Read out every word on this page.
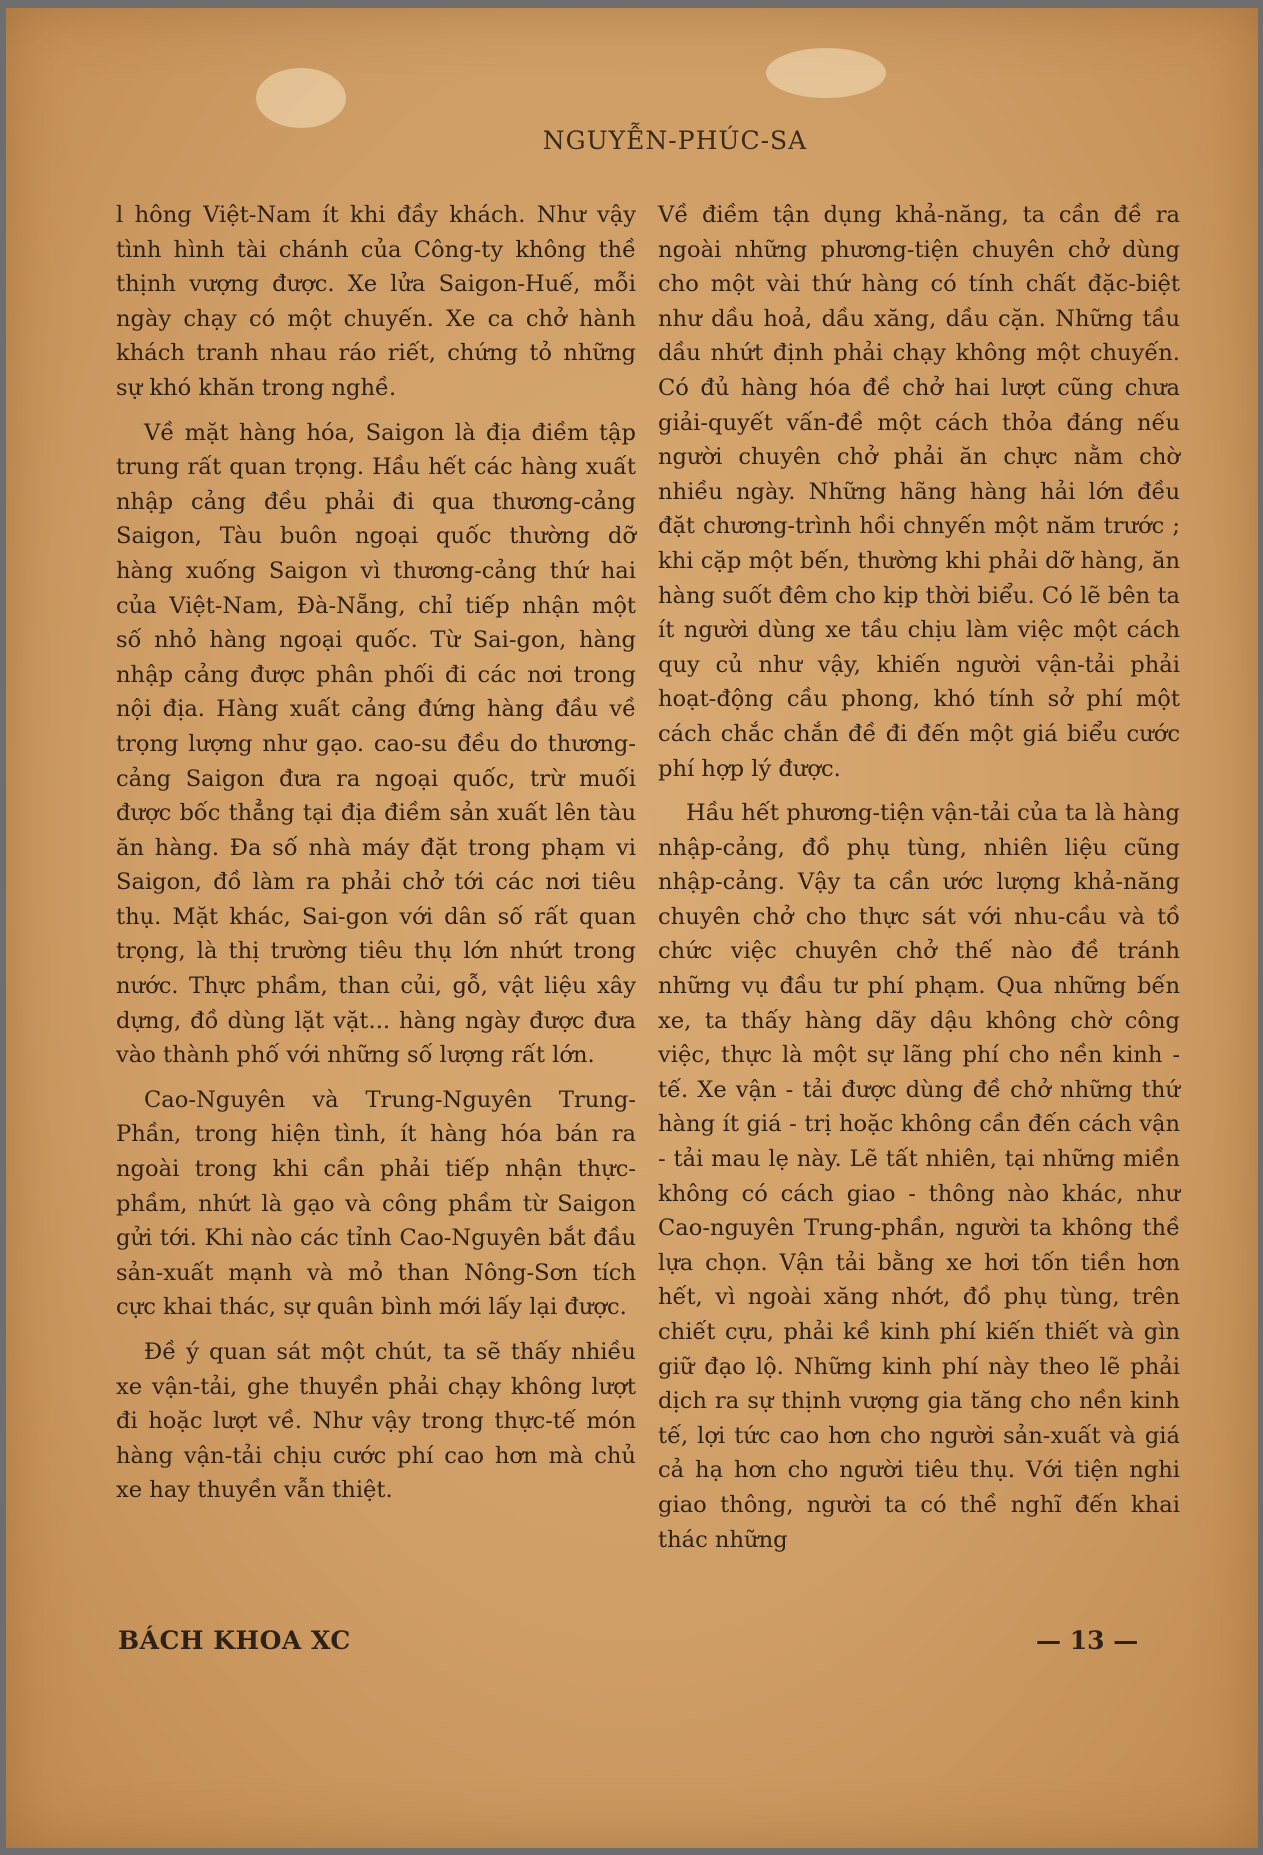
NGUYỄN-PHÚC-SA

l hông Việt-Nam ít khi đầy khách. Như vậy tình hình tài chánh của Công-ty không thề thịnh vượng được. Xe lửa Saigon-Huế, mỗi ngày chạy có một chuyến. Xe ca chở hành khách tranh nhau ráo riết, chứng tỏ những sự khó khăn trong nghề.

Về mặt hàng hóa, Saigon là địa điềm tập trung rất quan trọng. Hầu hết các hàng xuất nhập cảng đều phải đi qua thương-cảng Saigon, Tàu buôn ngoại quốc thường dỡ hàng xuống Saigon vì thương-cảng thứ hai của Việt-Nam, Đà-Nẵng, chỉ tiếp nhận một số nhỏ hàng ngoại quốc. Từ Sai-gon, hàng nhập cảng được phân phối đi các nơi trong nội địa. Hàng xuất cảng đứng hàng đầu về trọng lượng như gạo. cao-su đều do thương-cảng Saigon đưa ra ngoại quốc, trừ muối được bốc thẳng tại địa điềm sản xuất lên tàu ăn hàng. Đa số nhà máy đặt trong phạm vi Saigon, đồ làm ra phải chở tới các nơi tiêu thụ. Mặt khác, Sai-gon với dân số rất quan trọng, là thị trường tiêu thụ lớn nhứt trong nước. Thực phầm, than củi, gỗ, vật liệu xây dựng, đồ dùng lặt vặt... hàng ngày được đưa vào thành phố với những số lượng rất lớn.

Cao-Nguyên và Trung-Nguyên Trung-Phần, trong hiện tình, ít hàng hóa bán ra ngoài trong khi cần phải tiếp nhận thực-phầm, nhứt là gạo và công phầm từ Saigon gửi tới. Khi nào các tỉnh Cao-Nguyên bắt đầu sản-xuất mạnh và mỏ than Nông-Sơn tích cực khai thác, sự quân bình mới lấy lại được.

Đề ý quan sát một chút, ta sẽ thấy nhiều xe vận-tải, ghe thuyền phải chạy không lượt đi hoặc lượt về. Như vậy trong thực-tế món hàng vận-tải chịu cước phí cao hơn mà chủ xe hay thuyền vẫn thiệt.

Về điềm tận dụng khả-năng, ta cần đề ra ngoài những phương-tiện chuyên chở dùng cho một vài thứ hàng có tính chất đặc-biệt như dầu hoả, dầu xăng, dầu cặn. Những tầu dầu nhứt định phải chạy không một chuyến. Có đủ hàng hóa đề chở hai lượt cũng chưa giải-quyết vấn-đề một cách thỏa đáng nếu người chuyên chở phải ăn chực nằm chờ nhiều ngày. Những hãng hàng hải lớn đều đặt chương-trình hồi chnyến một năm trước ; khi cặp một bến, thường khi phải dỡ hàng, ăn hàng suốt đêm cho kịp thời biểu. Có lẽ bên ta ít người dùng xe tầu chịu làm việc một cách quy củ như vậy, khiến người vận-tải phải hoạt-động cầu phong, khó tính sở phí một cách chắc chắn đề đi đến một giá biểu cước phí hợp lý được.

Hầu hết phương-tiện vận-tải của ta là hàng nhập-cảng, đồ phụ tùng, nhiên liệu cũng nhập-cảng. Vậy ta cần ước lượng khả-năng chuyên chở cho thực sát với nhu-cầu và tồ chức việc chuyên chở thế nào đề tránh những vụ đầu tư phí phạm. Qua những bến xe, ta thấy hàng dãy dậu không chờ công việc, thực là một sự lãng phí cho nền kinh - tế. Xe vận - tải được dùng đề chở những thứ hàng ít giá - trị hoặc không cần đến cách vận - tải mau lẹ này. Lẽ tất nhiên, tại những miền không có cách giao - thông nào khác, như Cao-nguyên Trung-phần, người ta không thề lựa chọn. Vận tải bằng xe hơi tốn tiền hơn hết, vì ngoài xăng nhớt, đồ phụ tùng, trên chiết cựu, phải kề kinh phí kiến thiết và gìn giữ đạo lộ. Những kinh phí này theo lẽ phải dịch ra sự thịnh vượng gia tăng cho nền kinh tế, lợi tức cao hơn cho người sản-xuất và giá cả hạ hơn cho người tiêu thụ. Với tiện nghi giao thông, người ta có thề nghĩ đến khai thác những

BÁCH KHOA XC	— 13 —
